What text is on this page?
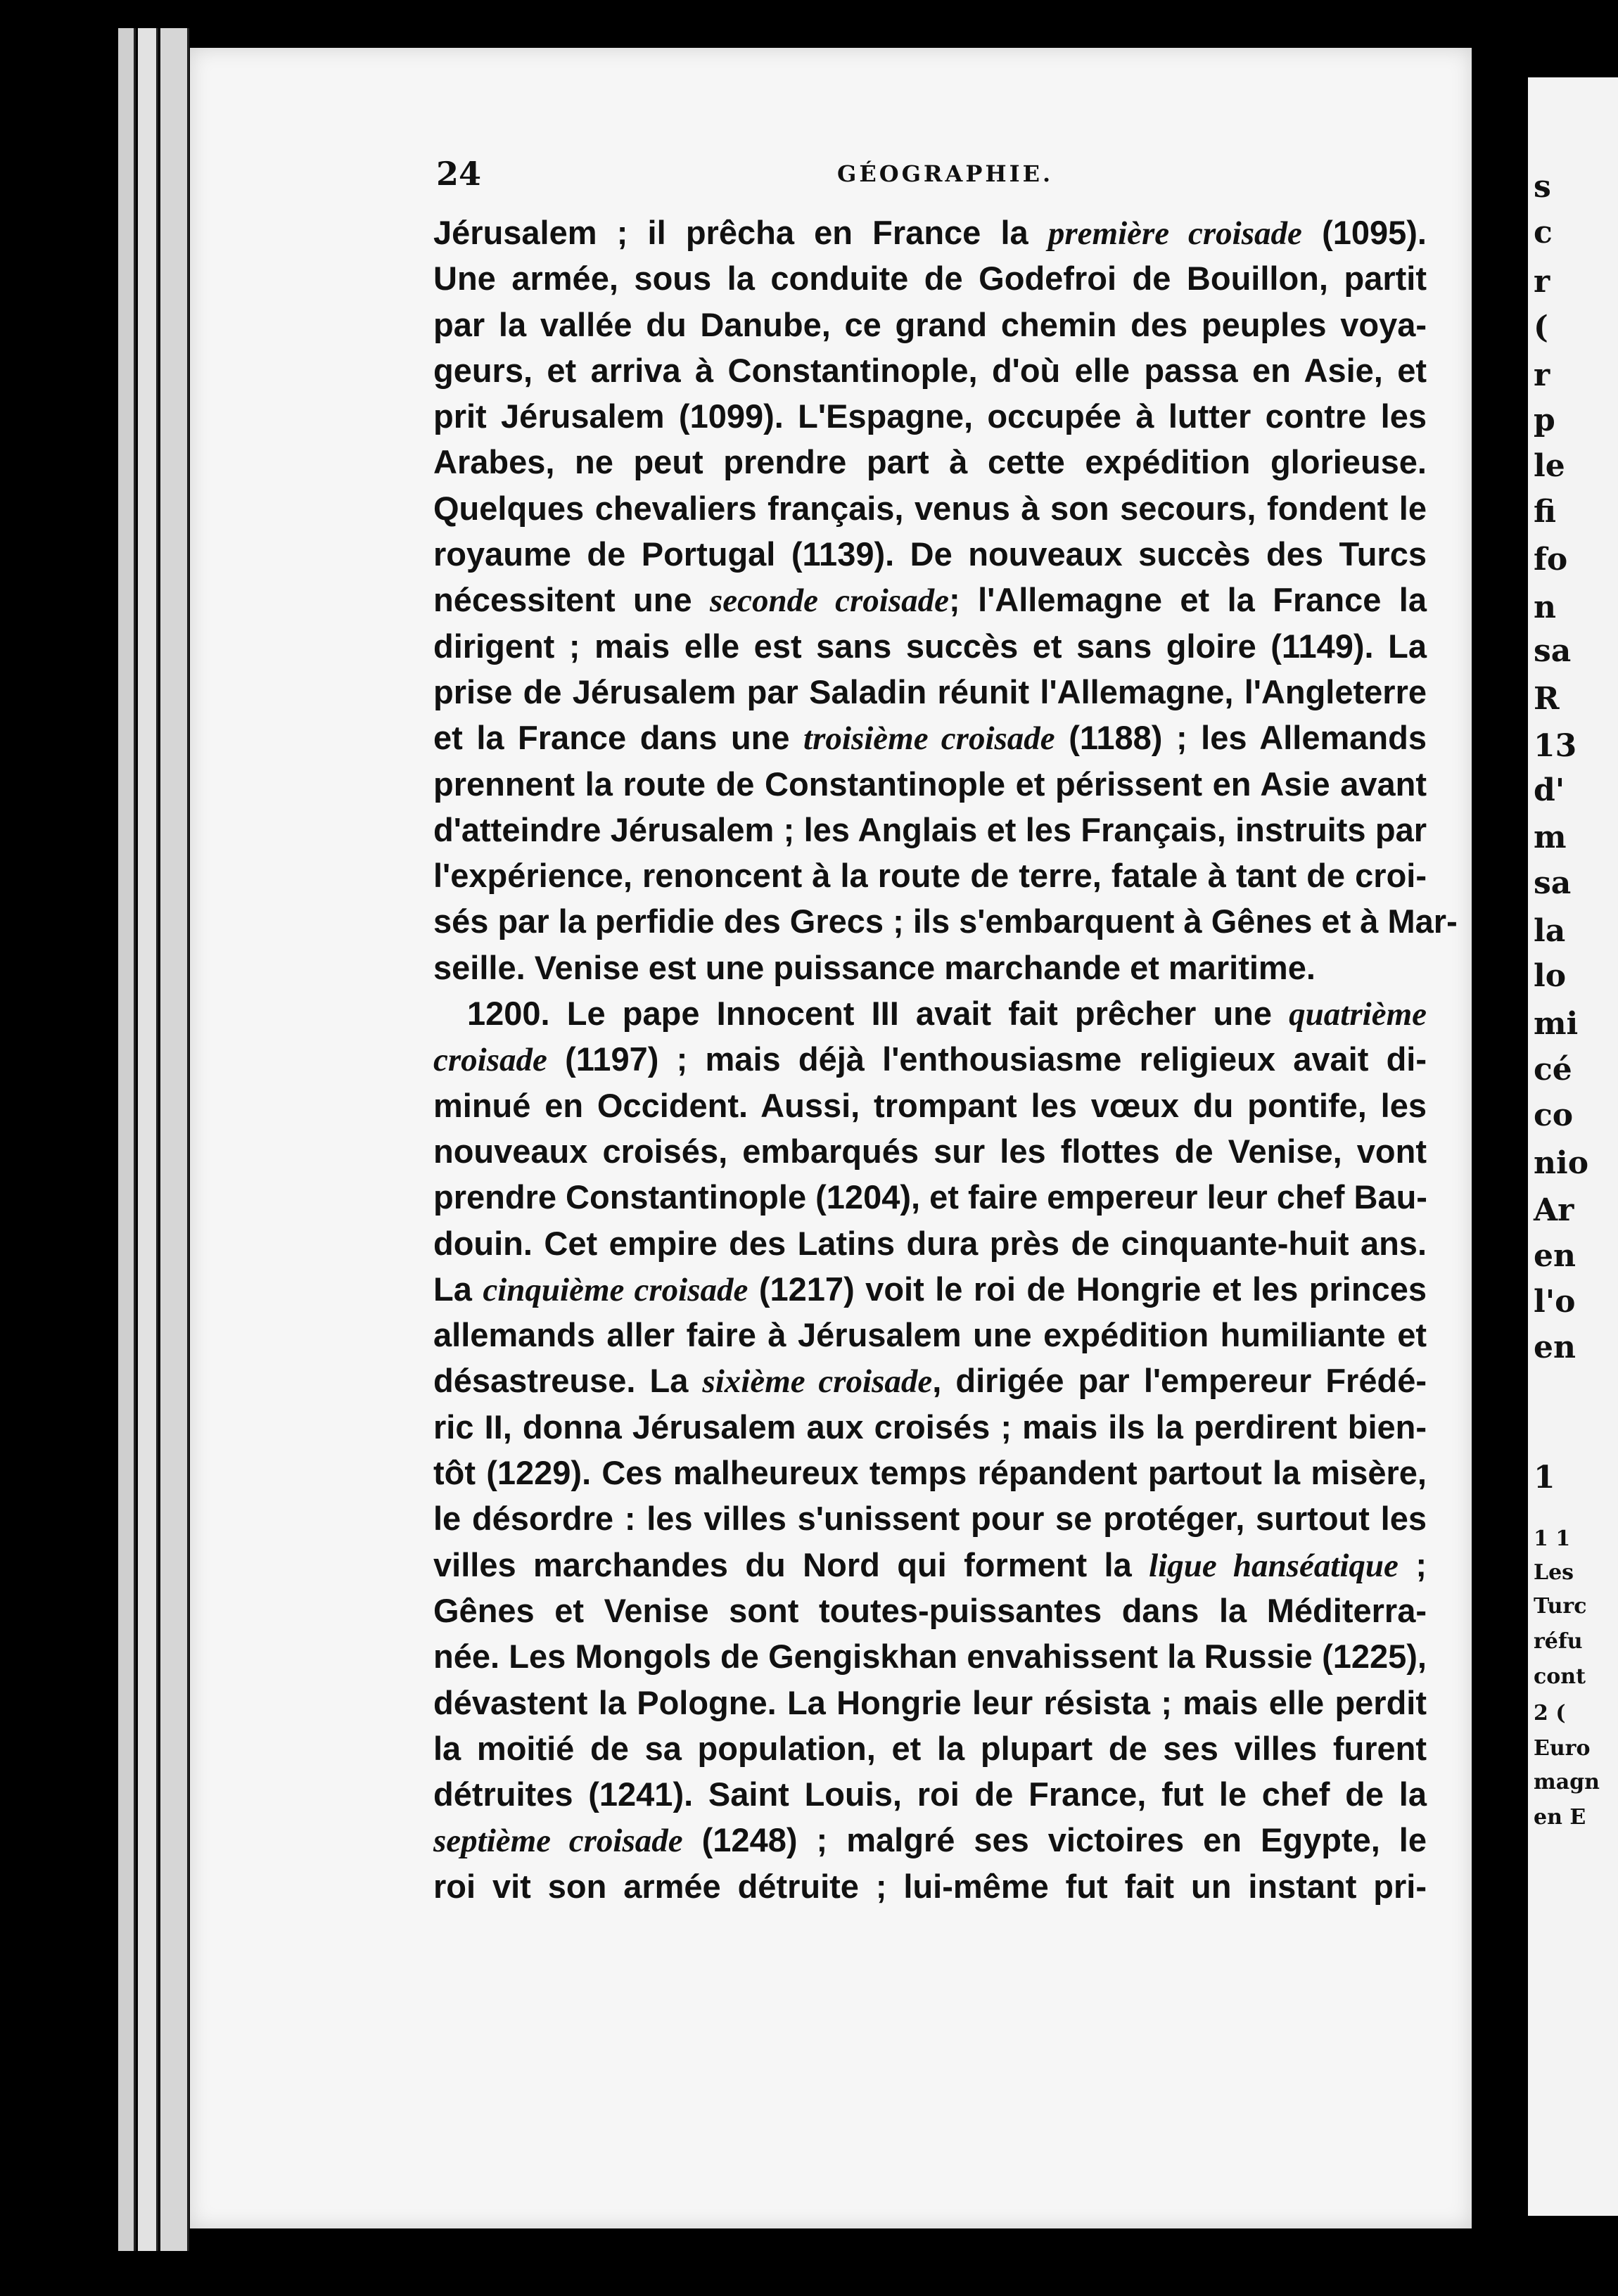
24	GÉOGRAPHIE.
Jérusalem ; il prêcha en France la première croisade (1095).
Une armée, sous la conduite de Godefroi de Bouillon, partit
par la vallée du Danube, ce grand chemin des peuples voya-
geurs, et arriva à Constantinople, d'où elle passa en Asie, et
prit Jérusalem (1099). L'Espagne, occupée à lutter contre les
Arabes, ne peut prendre part à cette expédition glorieuse.
Quelques chevaliers français, venus à son secours, fondent le
royaume de Portugal (1139). De nouveaux succès des Turcs
nécessitent une seconde croisade; l'Allemagne et la France la
dirigent ; mais elle est sans succès et sans gloire (1149). La
prise de Jérusalem par Saladin réunit l'Allemagne, l'Angleterre
et la France dans une troisième croisade (1188) ; les Allemands
prennent la route de Constantinople et périssent en Asie avant
d'atteindre Jérusalem ; les Anglais et les Français, instruits par
l'expérience, renoncent à la route de terre, fatale à tant de croi-
sés par la perfidie des Grecs ; ils s'embarquent à Gênes et à Mar-
seille. Venise est une puissance marchande et maritime.
1200. Le pape Innocent III avait fait prêcher une quatrième
croisade (1197) ; mais déjà l'enthousiasme religieux avait di-
minué en Occident. Aussi, trompant les vœux du pontife, les
nouveaux croisés, embarqués sur les flottes de Venise, vont
prendre Constantinople (1204), et faire empereur leur chef Bau-
douin. Cet empire des Latins dura près de cinquante-huit ans.
La cinquième croisade (1217) voit le roi de Hongrie et les princes
allemands aller faire à Jérusalem une expédition humiliante et
désastreuse. La sixième croisade, dirigée par l'empereur Frédé-
ric II, donna Jérusalem aux croisés ; mais ils la perdirent bien-
tôt (1229). Ces malheureux temps répandent partout la misère,
le désordre : les villes s'unissent pour se protéger, surtout les
villes marchandes du Nord qui forment la ligue hanséatique ;
Gênes et Venise sont toutes-puissantes dans la Méditerra-
née. Les Mongols de Gengiskhan envahissent la Russie (1225),
dévastent la Pologne. La Hongrie leur résista ; mais elle perdit
la moitié de sa population, et la plupart de ses villes furent
détruites (1241). Saint Louis, roi de France, fut le chef de la
septième croisade (1248) ; malgré ses victoires en Egypte, le
roi vit son armée détruite ; lui-même fut fait un instant pri-
s
c
r
(
r
p
le
fi
fo
n
sa
R
13
d'
m
sa
la
lo
mi
cé
co
nio
Ar
en
l'o
en
1
1 1
Les
Turc
réfu
cont
2 (
Euro
magn
en E
